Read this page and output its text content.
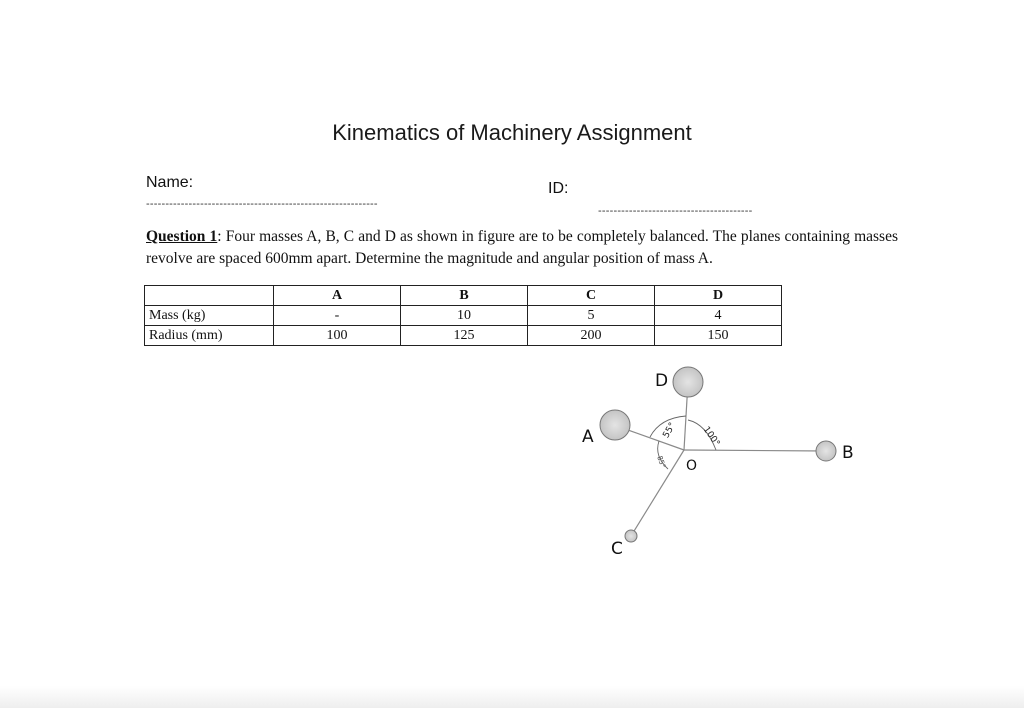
Kinematics of Machinery Assignment
Name:	ID:
------------------------------------------------------------
----------------------------------------
Question 1: Four masses A, B, C and D as shown in figure are to be completely balanced. The planes containing masses revolve are spaced 600mm apart. Determine the magnitude and angular position of mass A.
	A	B	C	D
Mass (kg)	-	10	5	4
Radius (mm)	100	125	200	150
D
A
B
C
O
55°	100°
85°
